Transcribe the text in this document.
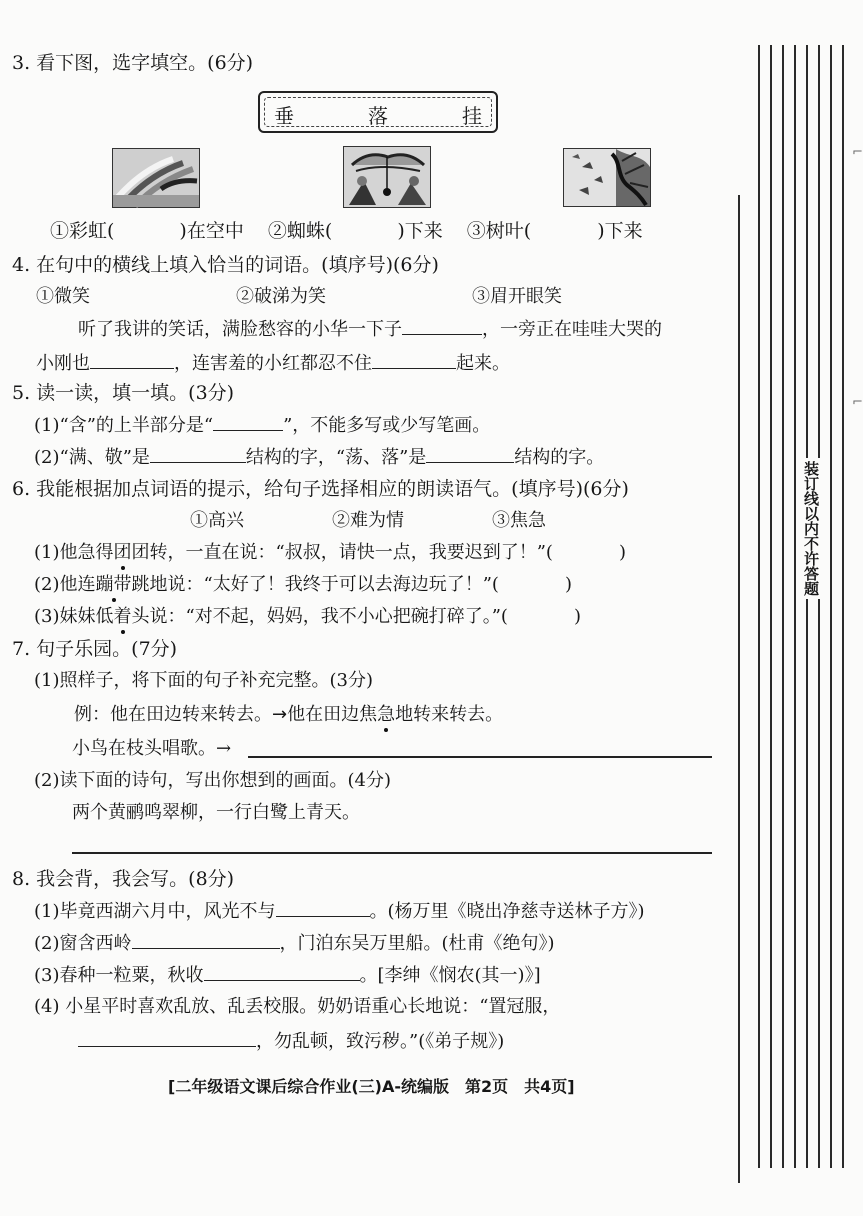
3. 看下图，选字填空。(6分)
垂	落	挂
①彩虹(	)在空中 ②蜘蛛(	)下来 ③树叶(	)下来
4. 在句中的横线上填入恰当的词语。(填序号)(6分)
①微笑	②破涕为笑	③眉开眼笑
听了我讲的笑话，满脸愁容的小华一下子	，一旁正在哇哇大哭的
小刚也	，连害羞的小红都忍不住	起来。
5. 读一读，填一填。(3分)
(1)“含”的上半部分是“	”，不能多写或少写笔画。
(2)“满、敬”是	结构的字，“荡、落”是	结构的字。
6. 我能根据加点词语的提示，给句子选择相应的朗读语气。(填序号)(6分)
①高兴	②难为情	③焦急
(1)他急得团团转，一直在说：“叔叔，请快一点，我要迟到了！”(	)
(2)他连蹦带跳地说：“太好了！我终于可以去海边玩了！”(	)
(3)妹妹低着头说：“对不起，妈妈，我不小心把碗打碎了。”(	)
7. 句子乐园。(7分)
(1)照样子，将下面的句子补充完整。(3分)
例：他在田边转来转去。→他在田边焦急地转来转去。
小鸟在枝头唱歌。→
(2)读下面的诗句，写出你想到的画面。(4分)
两个黄鹂鸣翠柳，一行白鹭上青天。
8. 我会背，我会写。(8分)
(1)毕竟西湖六月中，风光不与	。(杨万里《晓出净慈寺送林子方》)
(2)窗含西岭	，门泊东吴万里船。(杜甫《绝句》)
(3)春种一粒粟，秋收	。[李绅《悯农(其一)》]
(4) 小星平时喜欢乱放、乱丢校服。奶奶语重心长地说：“置冠服，
，勿乱顿，致污秽。”(《弟子规》)
[二年级语文课后综合作业(三)A-统编版　第2页　共4页]
装订线以内不许答题
⌐
⌐
